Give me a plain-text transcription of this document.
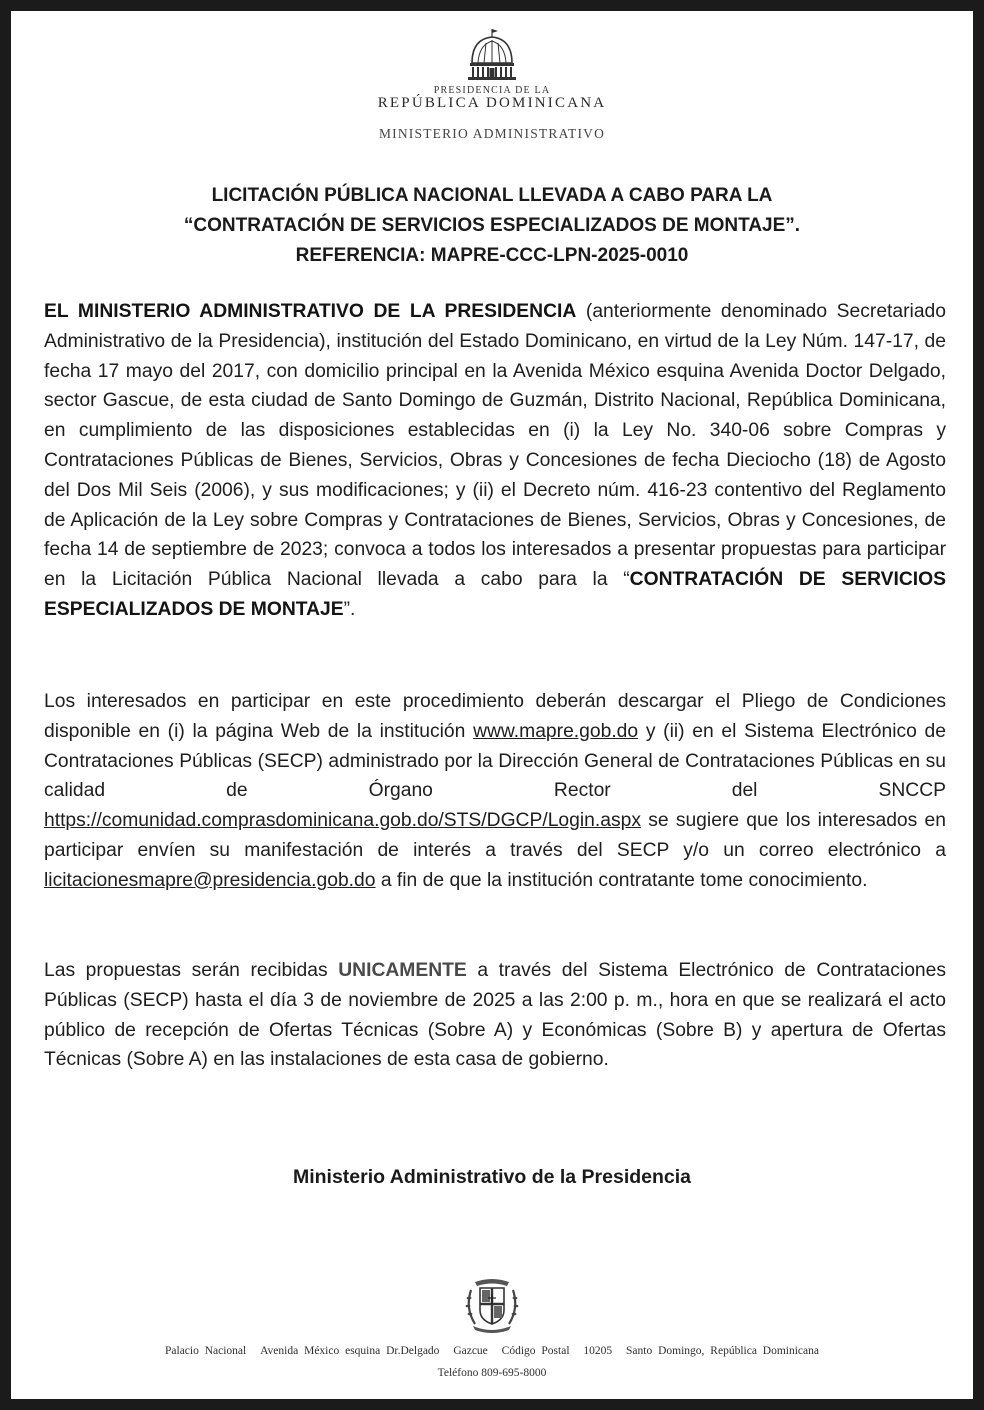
PRESIDENCIA DE LA
REPÚBLICA DOMINICANA
MINISTERIO ADMINISTRATIVO
LICITACIÓN PÚBLICA NACIONAL LLEVADA A CABO PARA LA
“CONTRATACIÓN DE SERVICIOS ESPECIALIZADOS DE MONTAJE”.
REFERENCIA: MAPRE-CCC-LPN-2025-0010
EL MINISTERIO ADMINISTRATIVO DE LA PRESIDENCIA (anteriormente denominado Secretariado Administrativo de la Presidencia), institución del Estado Dominicano, en virtud de la Ley Núm. 147-17, de fecha 17 mayo del 2017, con domicilio principal en la Avenida México esquina Avenida Doctor Delgado, sector Gascue, de esta ciudad de Santo Domingo de Guzmán, Distrito Nacional, República Dominicana, en cumplimiento de las disposiciones establecidas en (i) la Ley No. 340-06 sobre Compras y Contrataciones Públicas de Bienes, Servicios, Obras y Concesiones de fecha Dieciocho (18) de Agosto del Dos Mil Seis (2006), y sus modificaciones; y (ii) el Decreto núm. 416-23 contentivo del Reglamento de Aplicación de la Ley sobre Compras y Contrataciones de Bienes, Servicios, Obras y Concesiones, de fecha 14 de septiembre de 2023; convoca a todos los interesados a presentar propuestas para participar en la Licitación Pública Nacional llevada a cabo para la “CONTRATACIÓN DE SERVICIOS ESPECIALIZADOS DE MONTAJE”.
Los interesados en participar en este procedimiento deberán descargar el Pliego de Condiciones disponible en (i) la página Web de la institución www.mapre.gob.do y (ii) en el Sistema Electrónico de Contrataciones Públicas (SECP) administrado por la Dirección General de Contrataciones Públicas en su calidad de Órgano Rector del SNCCP https://comunidad.comprasdominicana.gob.do/STS/DGCP/Login.aspx se sugiere que los interesados en participar envíen su manifestación de interés a través del SECP y/o un correo electrónico a licitacionesmapre@presidencia.gob.do a fin de que la institución contratante tome conocimiento.
Las propuestas serán recibidas UNICAMENTE a través del Sistema Electrónico de Contrataciones Públicas (SECP) hasta el día 3 de noviembre de 2025 a las 2:00 p. m., hora en que se realizará el acto público de recepción de Ofertas Técnicas (Sobre A) y Económicas (Sobre B) y apertura de Ofertas Técnicas (Sobre A) en las instalaciones de esta casa de gobierno.
Ministerio Administrativo de la Presidencia
Palacio Nacional Avenida México esquina Dr.Delgado Gazcue Código Postal 10205 Santo Domingo, República Dominicana
Teléfono 809-695-8000
